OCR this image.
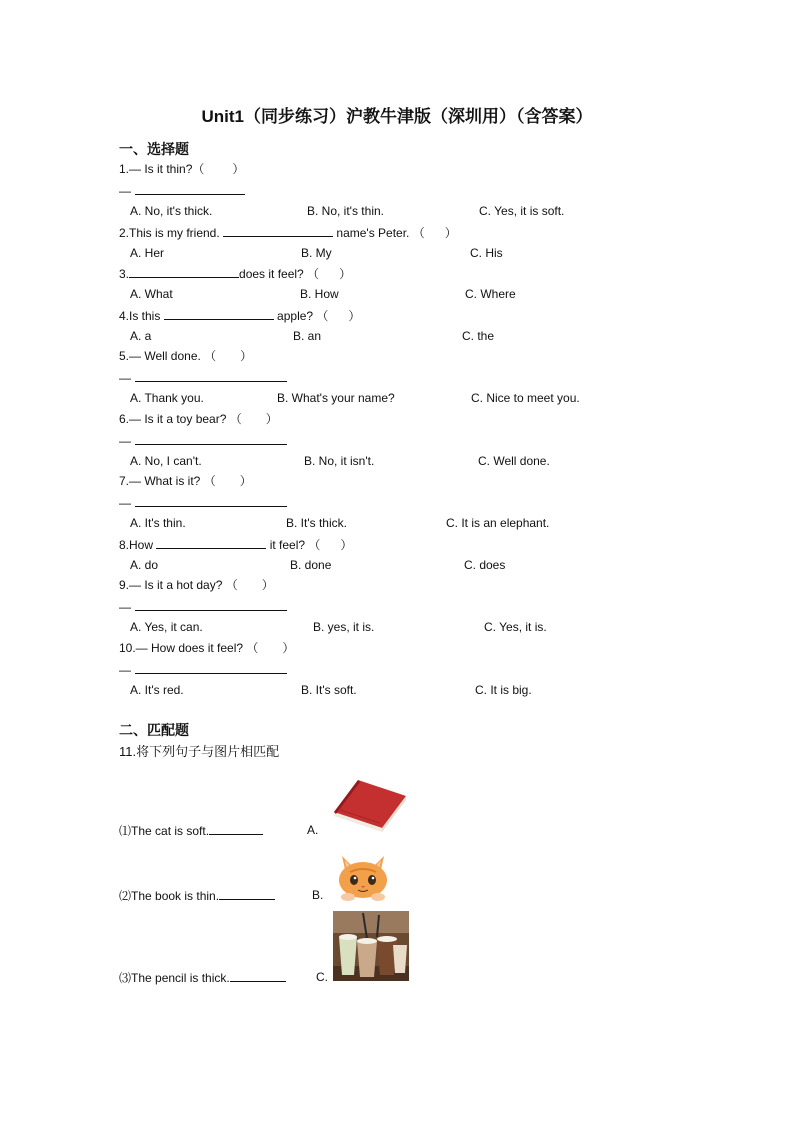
Unit1（同步练习）沪教牛津版（深圳用）（含答案）
一、选择题
1.— Is it thin?（ ）
—
A. No, it's thick.	B. No, it's thin.	C. Yes, it is soft.
2.This is my friend.	name's Peter. （      ）
A. Her	B. My	C. His
3.	does it feel? （      ）
A. What	B. How	C. Where
4.Is this	apple? （      ）
A. a	B. an	C. the
5.— Well done. （ ）
—
A. Thank you.	B. What's your name?	C. Nice to meet you.
6.— Is it a toy bear? （ ）
—
A. No, I can't.	B. No, it isn't.	C. Well done.
7.— What is it? （ ）
—
A. It's thin.	B. It's thick.	C. It is an elephant.
8.How	it feel? （      ）
A. do	B. done	C. does
9.— Is it a hot day? （ ）
—
A. Yes, it can.	B. yes, it is.	C. Yes, it is.
10.— How does it feel? （ ）
—
A. It's red.	B. It's soft.	C. It is big.
二、匹配题
11.将下列句子与图片相匹配
⑴The cat is soft.	A.
⑵The book is thin.	B.
⑶The pencil is thick.	C.
